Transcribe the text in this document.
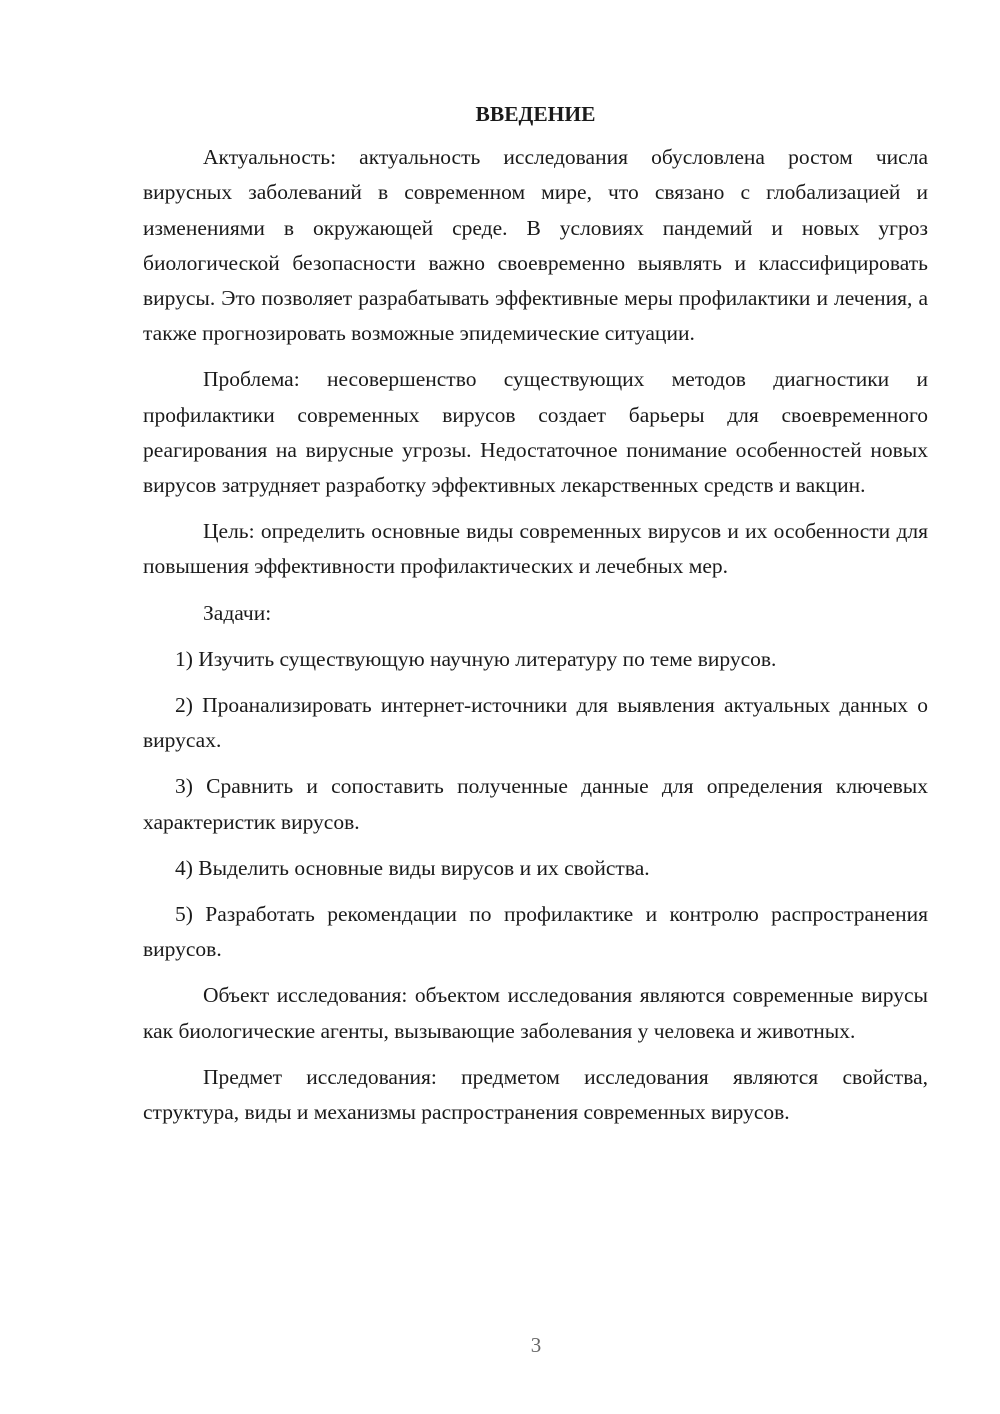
ВВЕДЕНИЕ

Актуальность: актуальность исследования обусловлена ростом числа вирусных заболеваний в современном мире, что связано с глобализацией и изменениями в окружающей среде. В условиях пандемий и новых угроз биологической безопасности важно своевременно выявлять и классифицировать вирусы. Это позволяет разрабатывать эффективные меры профилактики и лечения, а также прогнозировать возможные эпидемические ситуации.

Проблема: несовершенство существующих методов диагностики и профилактики современных вирусов создает барьеры для своевременного реагирования на вирусные угрозы. Недостаточное понимание особенностей новых вирусов затрудняет разработку эффективных лекарственных средств и вакцин.

Цель: определить основные виды современных вирусов и их особенности для повышения эффективности профилактических и лечебных мер.

Задачи:

1) Изучить существующую научную литературу по теме вирусов.

2) Проанализировать интернет-источники для выявления актуальных данных о вирусах.

3) Сравнить и сопоставить полученные данные для определения ключевых характеристик вирусов.

4) Выделить основные виды вирусов и их свойства.

5) Разработать рекомендации по профилактике и контролю распространения вирусов.

Объект исследования: объектом исследования являются современные вирусы как биологические агенты, вызывающие заболевания у человека и животных.

Предмет исследования: предметом исследования являются свойства, структура, виды и механизмы распространения современных вирусов.

3
